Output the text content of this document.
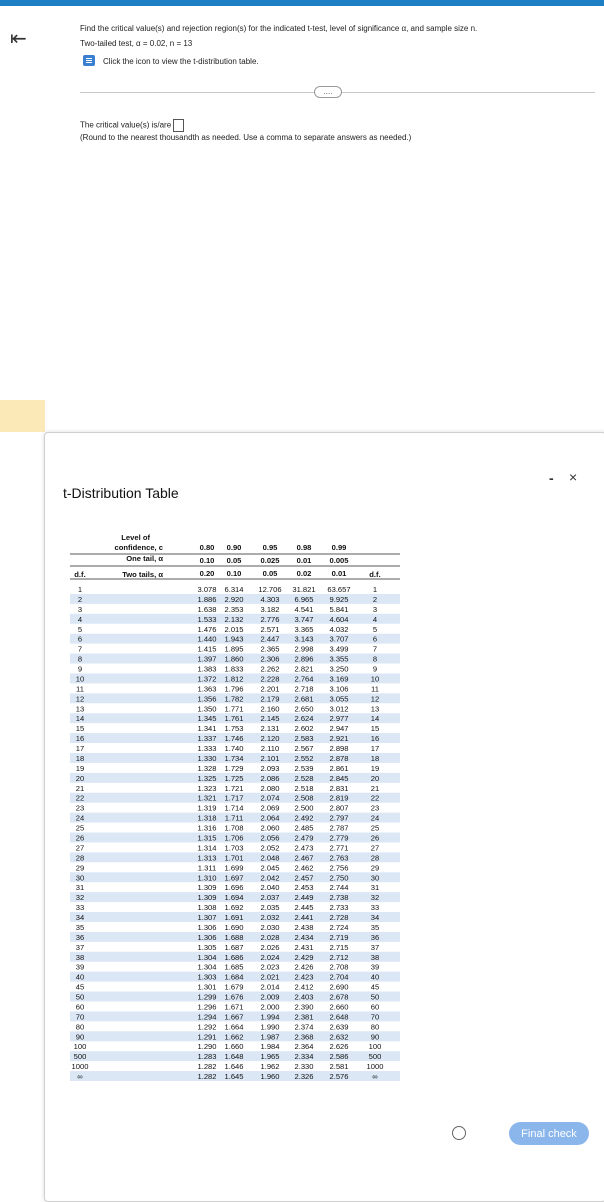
⇤	Find the critical value(s) and rejection region(s) for the indicated t-test, level of significance α, and sample size n.
Two-tailed test, α = 0.02, n = 13
Click the icon to view the t-distribution table.
....
The critical value(s) is/are
(Round to the nearest thousandth as needed. Use a comma to separate answers as needed.)
t-Distribution Table
- ×
Level of
confidence, c
One tail, α
Two tails, α
d.f.	d.f.
0.80 0.90	0.95	0.98	0.99
0.10 0.05	0.025 0.01 0.005
0.20 0.10	0.05	0.02	0.01
1	3.078 6.314 12.706 31.821 63.657	1
2	1.886 2.920 4.303 6.965 9.925	2
3	1.638 2.353 3.182 4.541 5.841	3
4	1.533 2.132 2.776 3.747 4.604	4
5	1.476 2.015 2.571 3.365 4.032	5
6	1.440 1.943 2.447 3.143 3.707	6
7	1.415 1.895 2.365 2.998 3.499	7
8	1.397 1.860 2.306 2.896 3.355	8
9	1.383 1.833 2.262 2.821 3.250	9
10	1.372 1.812 2.228 2.764 3.169	10
11	1.363 1.796 2.201 2.718 3.106	11
12	1.356 1.782 2.179 2.681 3.055	12
13	1.350 1.771 2.160 2.650 3.012	13
14	1.345 1.761 2.145 2.624 2.977	14
15	1.341 1.753 2.131 2.602 2.947	15
16	1.337 1.746 2.120 2.583 2.921	16
17	1.333 1.740 2.110 2.567 2.898	17
18	1.330 1.734 2.101 2.552 2.878	18
19	1.328 1.729 2.093 2.539 2.861	19
20	1.325 1.725 2.086 2.528 2.845	20
21	1.323 1.721 2.080 2.518 2.831	21
22	1.321 1.717 2.074 2.508 2.819	22
23	1.319 1.714 2.069 2.500 2.807	23
24	1.318 1.711 2.064 2.492 2.797	24
25	1.316 1.708 2.060 2.485 2.787	25
26	1.315 1.706 2.056 2.479 2.779	26
27	1.314 1.703 2.052 2.473 2.771	27
28	1.313 1.701 2.048 2.467 2.763	28
29	1.311 1.699 2.045 2.462 2.756	29
30	1.310 1.697 2.042 2.457 2.750	30
31	1.309 1.696 2.040 2.453 2.744	31
32	1.309 1.694 2.037 2.449 2.738	32
33	1.308 1.692 2.035 2.445 2.733	33
34	1.307 1.691 2.032 2.441 2.728	34
35	1.306 1.690 2.030 2.438 2.724	35
36	1.306 1.688 2.028 2.434 2.719	36
37	1.305 1.687 2.026 2.431 2.715	37
38	1.304 1.686 2.024 2.429 2.712	38
39	1.304 1.685 2.023 2.426 2.708	39
40	1.303 1.684 2.021 2.423 2.704	40
45	1.301 1.679 2.014 2.412 2.690	45
50	1.299 1.676 2.009 2.403 2.678	50
60	1.296 1.671 2.000 2.390 2.660	60
70	1.294 1.667 1.994 2.381 2.648	70
80	1.292 1.664 1.990 2.374 2.639	80
90	1.291 1.662 1.987 2.368 2.632	90
100	1.290 1.660 1.984 2.364 2.626	100
500	1.283 1.648 1.965 2.334 2.586	500
1000	1.282 1.646 1.962 2.330 2.581 1000
∞	1.282 1.645 1.960 2.326 2.576	∞
Final check
